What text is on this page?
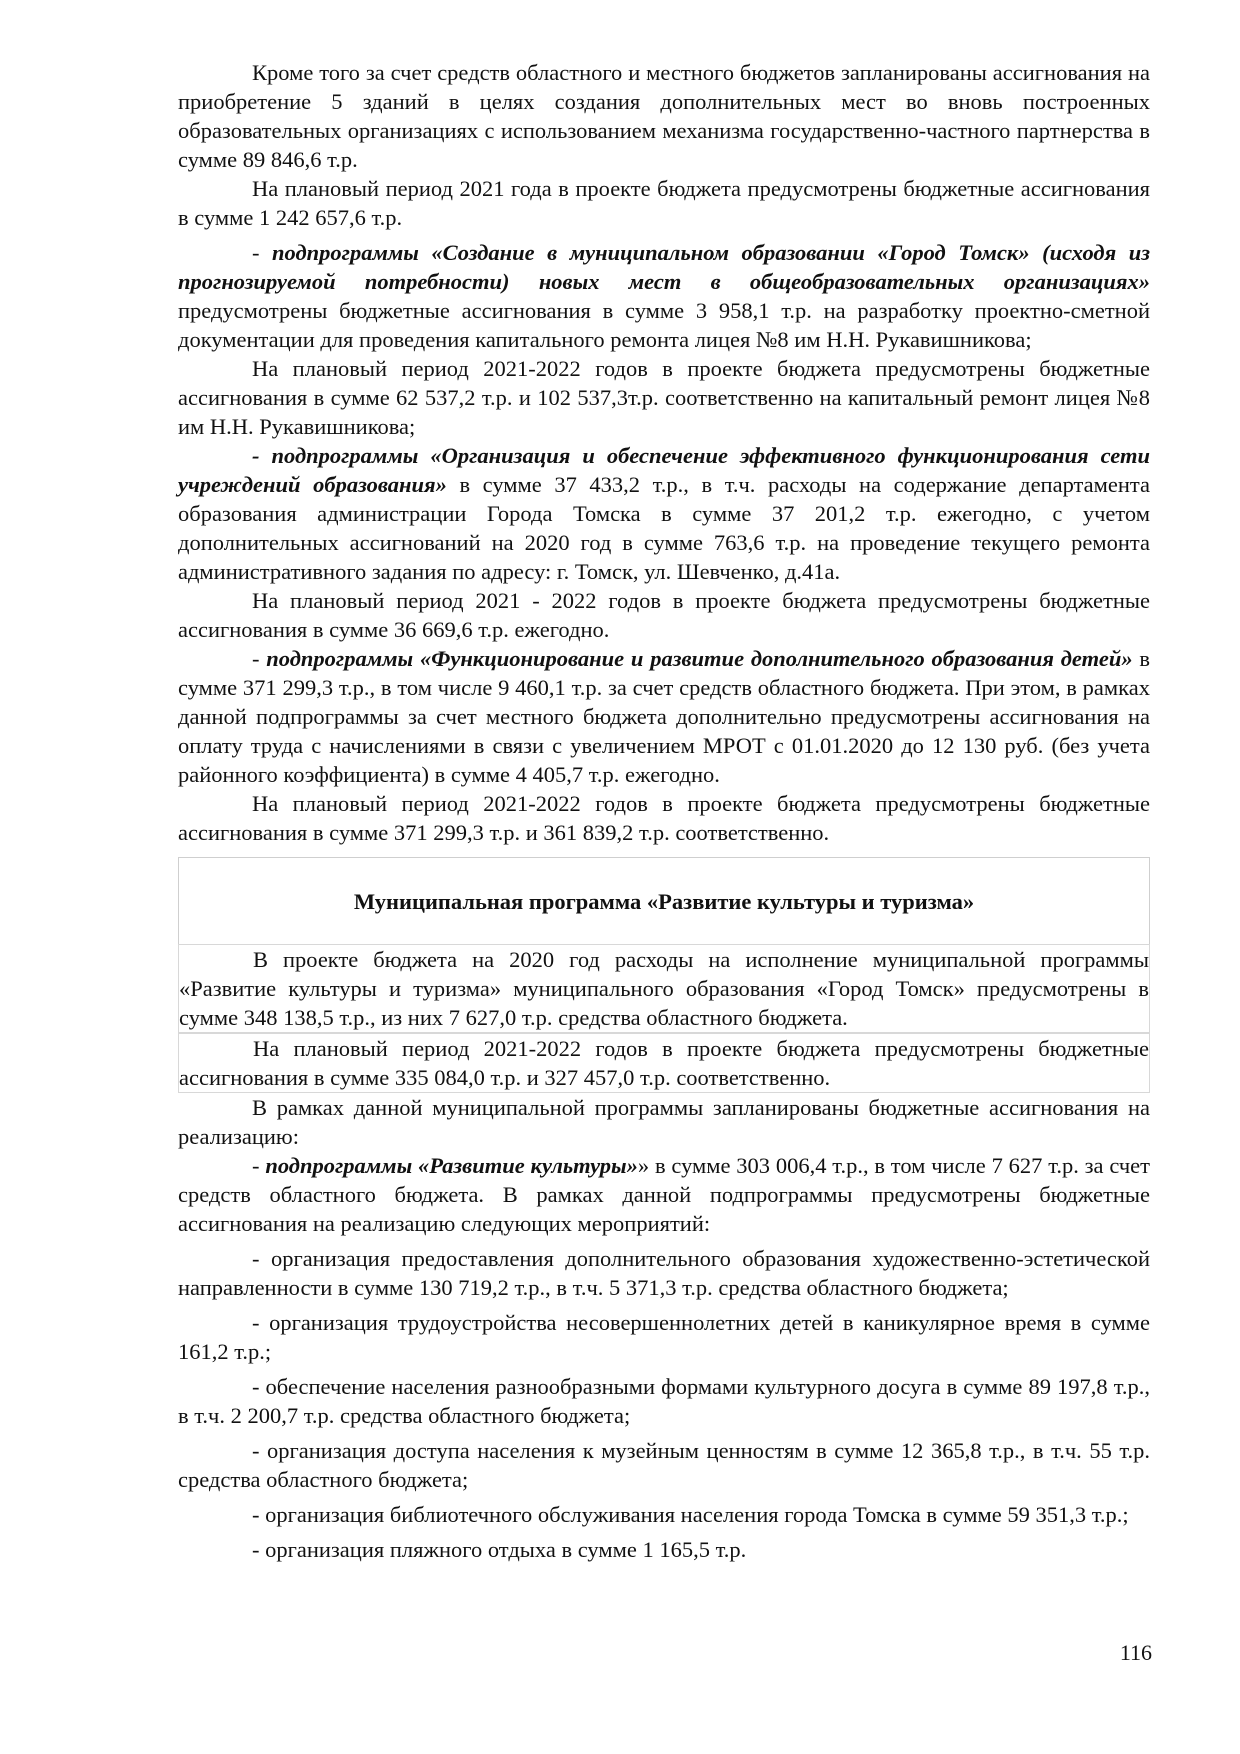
Кроме того за счет средств областного и местного бюджетов запланированы ассигнования на приобретение 5 зданий в целях создания дополнительных мест во вновь построенных образовательных организациях с использованием механизма государственно-частного партнерства в сумме 89 846,6 т.р.

На плановый период 2021 года в проекте бюджета предусмотрены бюджетные ассигнования в сумме 1 242 657,6 т.р.

- подпрограммы «Создание в муниципальном образовании «Город Томск» (исходя из прогнозируемой потребности) новых мест в общеобразовательных организациях» предусмотрены бюджетные ассигнования в сумме 3 958,1 т.р. на разработку проектно-сметной документации для проведения капитального ремонта лицея №8 им Н.Н. Рукавишникова;

На плановый период 2021-2022 годов в проекте бюджета предусмотрены бюджетные ассигнования в сумме 62 537,2 т.р. и 102 537,3т.р. соответственно на капитальный ремонт лицея №8 им Н.Н. Рукавишникова;

- подпрограммы «Организация и обеспечение эффективного функционирования сети учреждений образования» в сумме 37 433,2 т.р., в т.ч. расходы на содержание департамента образования администрации Города Томска в сумме 37 201,2 т.р. ежегодно, с учетом дополнительных ассигнований на 2020 год в сумме 763,6 т.р. на проведение текущего ремонта административного задания по адресу: г. Томск, ул. Шевченко, д.41а.

На плановый период 2021 - 2022 годов в проекте бюджета предусмотрены бюджетные ассигнования в сумме 36 669,6 т.р. ежегодно.

- подпрограммы «Функционирование и развитие дополнительного образования детей» в сумме 371 299,3 т.р., в том числе 9 460,1 т.р. за счет средств областного бюджета. При этом, в рамках данной подпрограммы за счет местного бюджета дополнительно предусмотрены ассигнования на оплату труда с начислениями в связи с увеличением МРОТ с 01.01.2020 до 12 130 руб. (без учета районного коэффициента) в сумме 4 405,7 т.р. ежегодно.

На плановый период 2021-2022 годов в проекте бюджета предусмотрены бюджетные ассигнования в сумме 371 299,3 т.р. и 361 839,2 т.р. соответственно.

Муниципальная программа «Развитие культуры и туризма»

В проекте бюджета на 2020 год расходы на исполнение муниципальной программы «Развитие культуры и туризма» муниципального образования «Город Томск» предусмотрены в сумме 348 138,5 т.р., из них 7 627,0 т.р. средства областного бюджета.

На плановый период 2021-2022 годов в проекте бюджета предусмотрены бюджетные ассигнования в сумме 335 084,0 т.р. и 327 457,0 т.р. соответственно.

В рамках данной муниципальной программы запланированы бюджетные ассигнования на реализацию:

- подпрограммы «Развитие культуры»» в сумме 303 006,4 т.р., в том числе 7 627 т.р. за счет средств областного бюджета. В рамках данной подпрограммы предусмотрены бюджетные ассигнования на реализацию следующих мероприятий:

- организация предоставления дополнительного образования художественно-эстетической направленности в сумме 130 719,2 т.р., в т.ч. 5 371,3 т.р. средства областного бюджета;

- организация трудоустройства несовершеннолетних детей в каникулярное время в сумме 161,2 т.р.;

- обеспечение населения разнообразными формами культурного досуга в сумме 89 197,8 т.р., в т.ч. 2 200,7 т.р. средства областного бюджета;

- организация доступа населения к музейным ценностям в сумме 12 365,8 т.р., в т.ч. 55 т.р. средства областного бюджета;

- организация библиотечного обслуживания населения города Томска в сумме 59 351,3 т.р.;

- организация пляжного отдыха в сумме 1 165,5 т.р.

116
